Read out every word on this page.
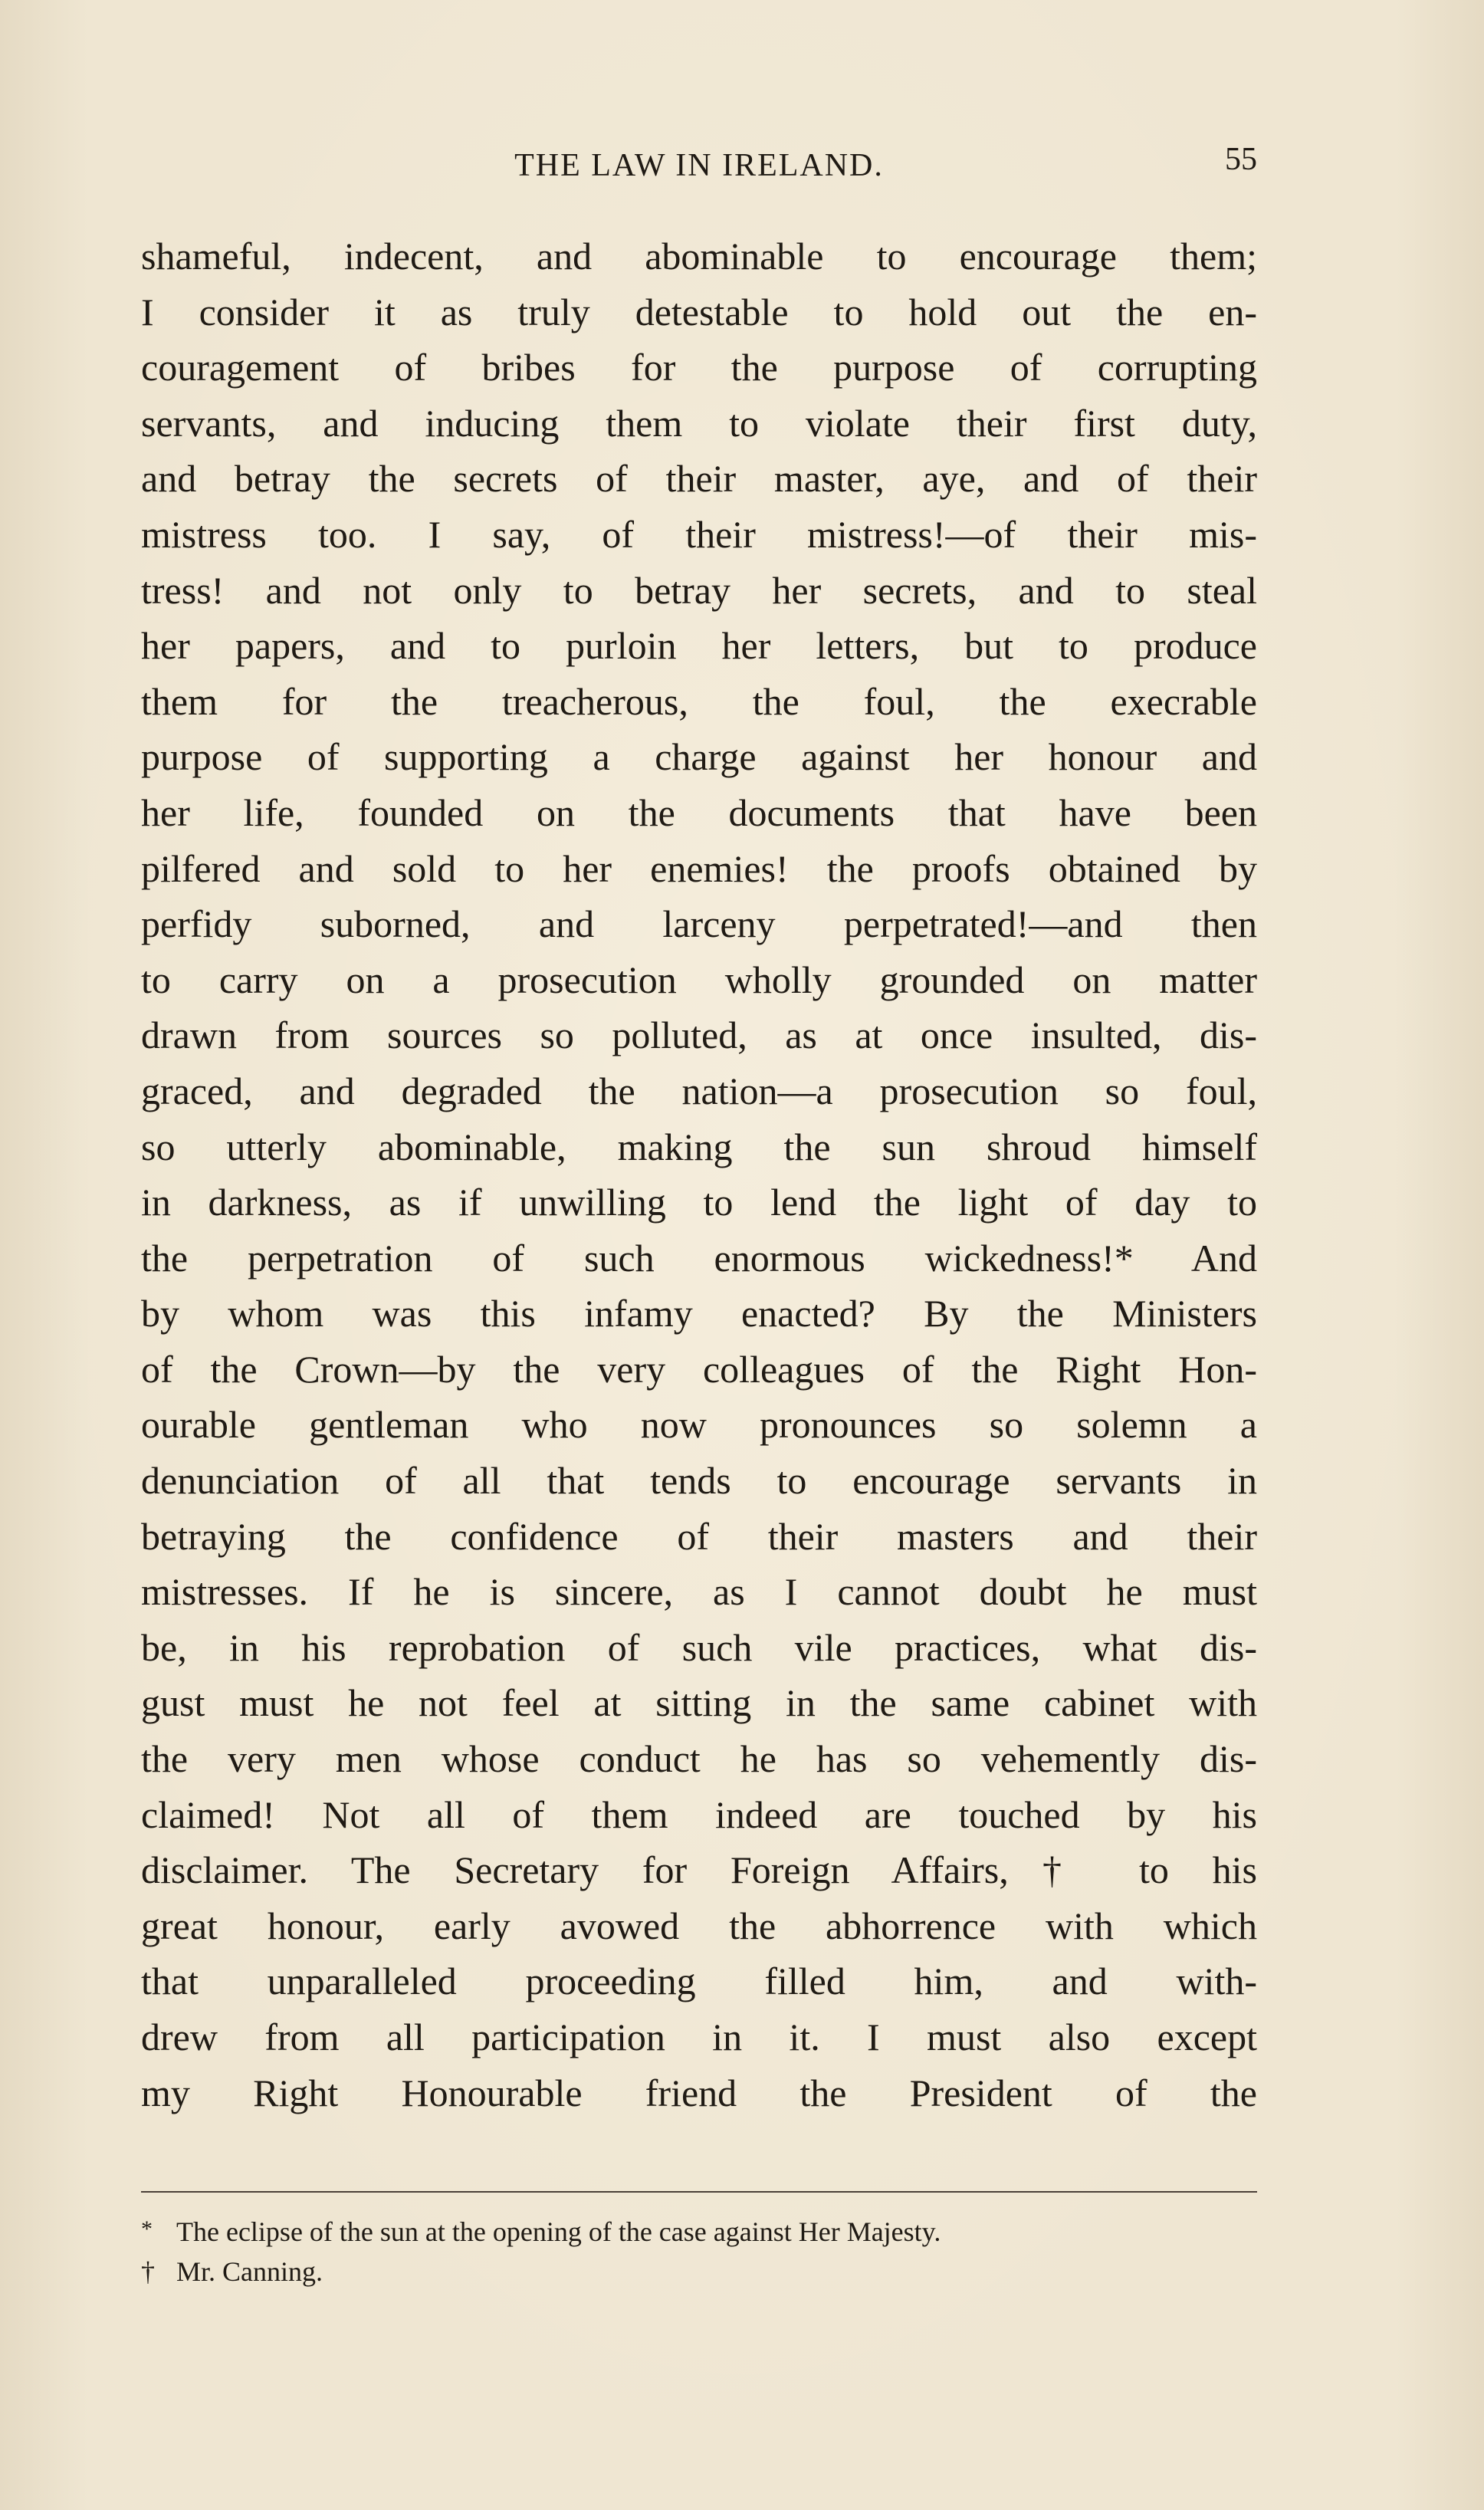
THE LAW IN IRELAND.	55
shameful, indecent, and abominable to encourage them;
I consider it as truly detestable to hold out the en-
couragement of bribes for the purpose of corrupting
servants, and inducing them to violate their first duty,
and betray the secrets of their master, aye, and of their
mistress too. I say, of their mistress!—of their mis-
tress! and not only to betray her secrets, and to steal
her papers, and to purloin her letters, but to produce
them for the treacherous, the foul, the execrable
purpose of supporting a charge against her honour and
her life, founded on the documents that have been
pilfered and sold to her enemies! the proofs obtained by
perfidy suborned, and larceny perpetrated!—and then
to carry on a prosecution wholly grounded on matter
drawn from sources so polluted, as at once insulted, dis-
graced, and degraded the nation—a prosecution so foul,
so utterly abominable, making the sun shroud himself
in darkness, as if unwilling to lend the light of day to
the perpetration of such enormous wickedness!* And
by whom was this infamy enacted? By the Ministers
of the Crown—by the very colleagues of the Right Hon-
ourable gentleman who now pronounces so solemn a
denunciation of all that tends to encourage servants in
betraying the confidence of their masters and their
mistresses. If he is sincere, as I cannot doubt he must
be, in his reprobation of such vile practices, what dis-
gust must he not feel at sitting in the same cabinet with
the very men whose conduct he has so vehemently dis-
claimed! Not all of them indeed are touched by his
disclaimer. The Secretary for Foreign Affairs,† to his
great honour, early avowed the abhorrence with which
that unparalleled proceeding filled him, and with-
drew from all participation in it. I must also except
my Right Honourable friend the President of the
* The eclipse of the sun at the opening of the case against Her Majesty.
† Mr. Canning.
